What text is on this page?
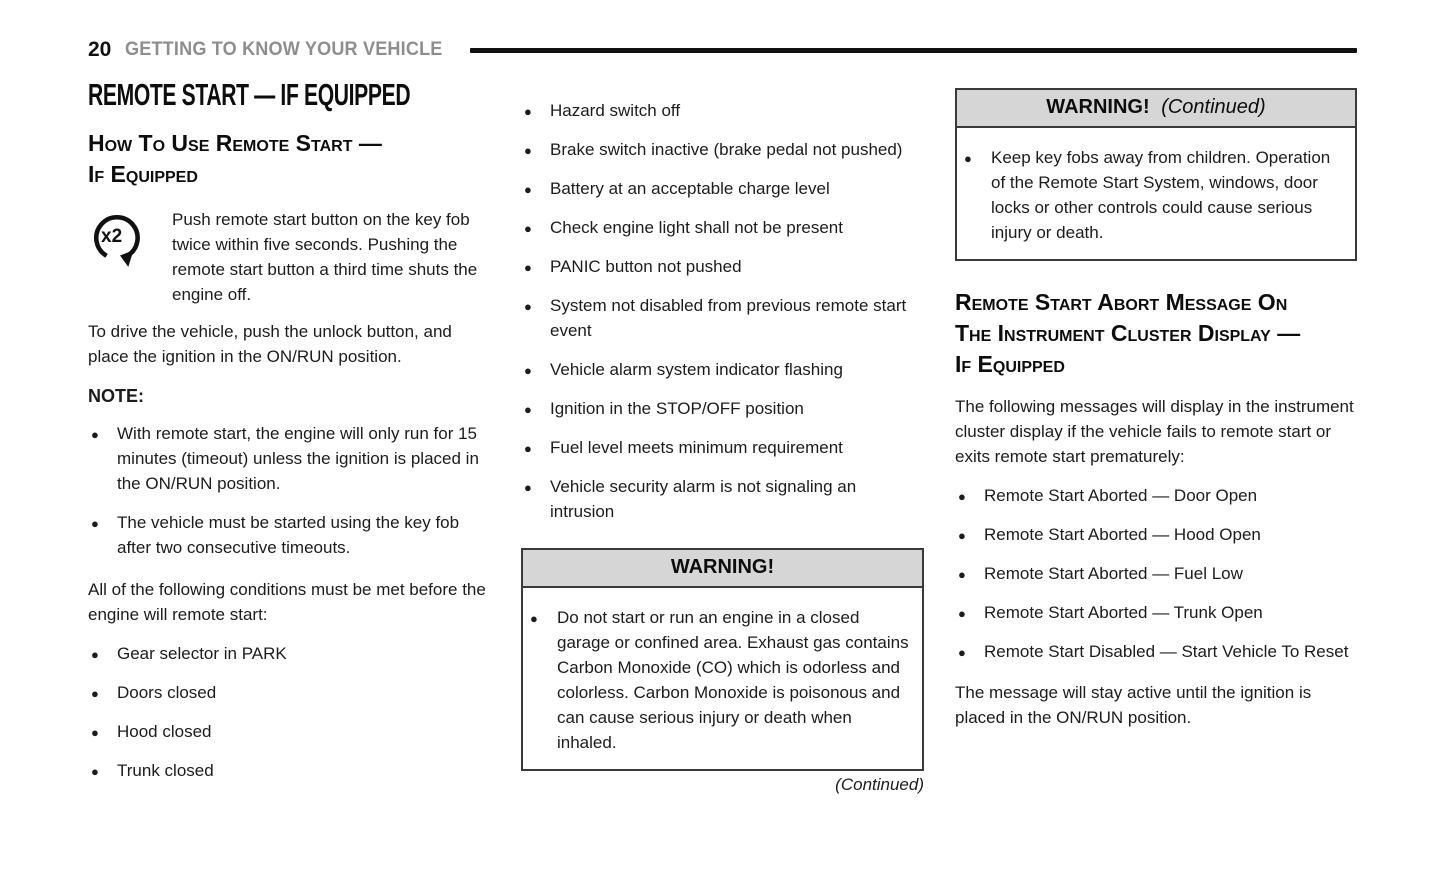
20 GETTING TO KNOW YOUR VEHICLE
REMOTE START — IF EQUIPPED
How To Use Remote Start —
If Equipped
x2
Push remote start button on the key fob twice within five seconds. Pushing the remote start button a third time shuts the engine off.
To drive the vehicle, push the unlock button, and place the ignition in the ON/RUN position.
NOTE:
●
With remote start, the engine will only run for 15 minutes (timeout) unless the ignition is placed in the ON/RUN position.
●
The vehicle must be started using the key fob after two consecutive timeouts.
All of the following conditions must be met before the engine will remote start:
●
Gear selector in PARK
●
Doors closed
●
Hood closed
●
Trunk closed
●
Hazard switch off
●
Brake switch inactive (brake pedal not pushed)
●
Battery at an acceptable charge level
●
Check engine light shall not be present
●
PANIC button not pushed
●
System not disabled from previous remote start event
●
Vehicle alarm system indicator flashing
●
Ignition in the STOP/OFF position
●
Fuel level meets minimum requirement
●
Vehicle security alarm is not signaling an intrusion
WARNING!
●
Do not start or run an engine in a closed garage or confined area. Exhaust gas contains Carbon Monoxide (CO) which is odorless and colorless. Carbon Monoxide is poisonous and can cause serious injury or death when inhaled.
(Continued)
WARNING! (Continued)
●
Keep key fobs away from children. Operation of the Remote Start System, windows, door locks or other controls could cause serious injury or death.
Remote Start Abort Message On
The Instrument Cluster Display —
If Equipped
The following messages will display in the instrument cluster display if the vehicle fails to remote start or exits remote start prematurely:
●
Remote Start Aborted — Door Open
●
Remote Start Aborted — Hood Open
●
Remote Start Aborted — Fuel Low
●
Remote Start Aborted — Trunk Open
●
Remote Start Disabled — Start Vehicle To Reset
The message will stay active until the ignition is placed in the ON/RUN position.
